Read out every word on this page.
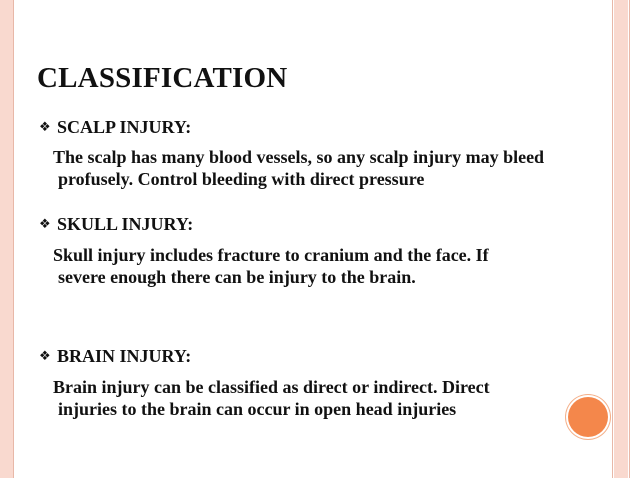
CLASSIFICATION
❖ SCALP INJURY:

The scalp has many blood vessels, so any scalp injury may bleed profusely. Control bleeding with direct pressure

❖ SKULL INJURY:

Skull injury includes fracture to cranium and the face. If severe enough there can be injury to the brain.

❖ BRAIN INJURY:

Brain injury can be classified as direct or indirect. Direct injuries to the brain can occur in open head injuries
